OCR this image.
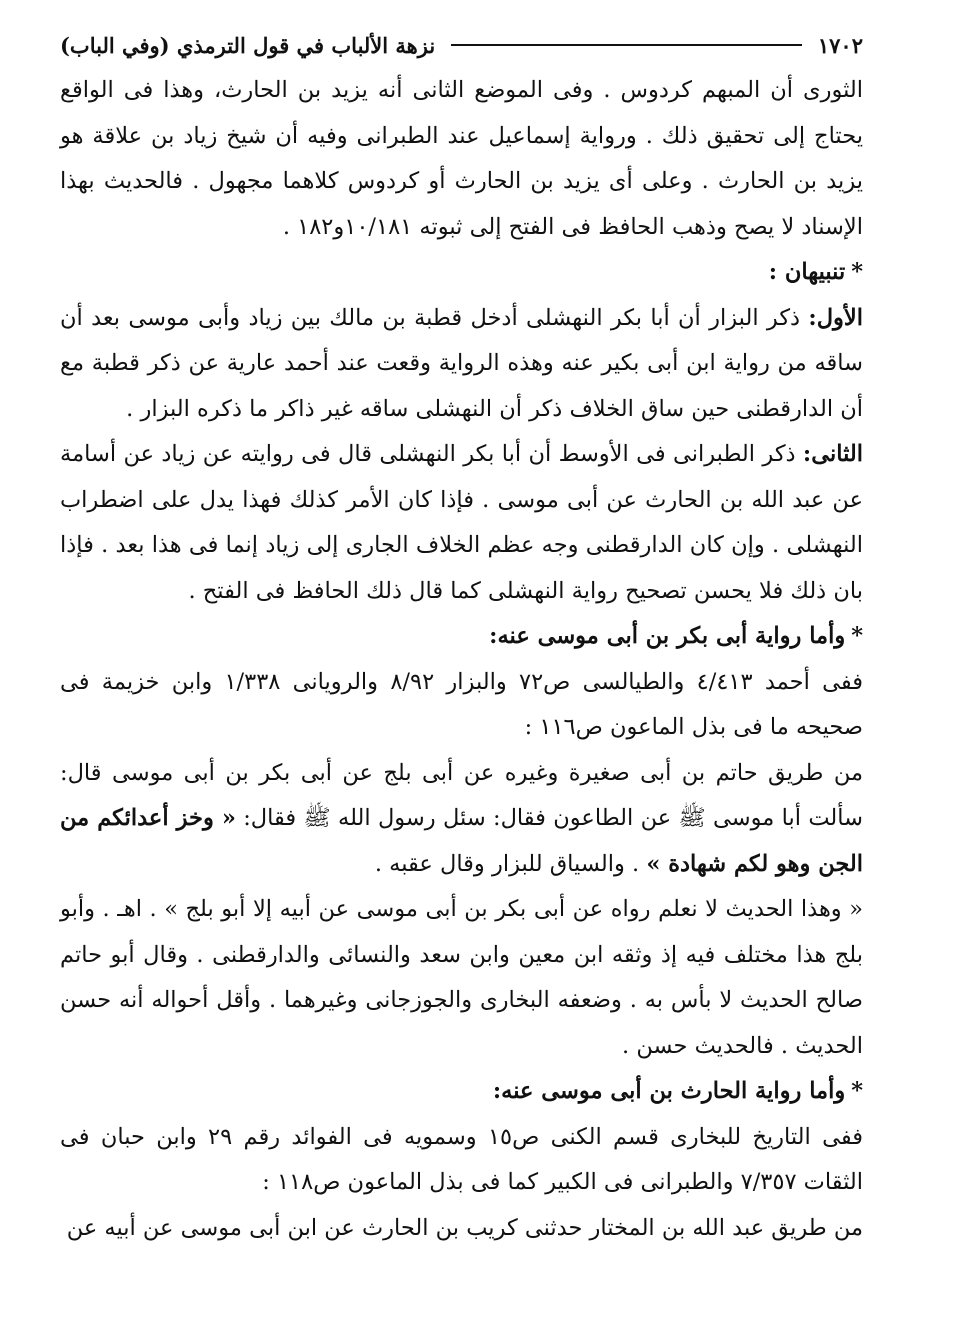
١٧٠٢
نزهة الألباب في قول الترمذي (وفي الباب)

الثورى أن المبهم كردوس . وفى الموضع الثانى أنه يزيد بن الحارث، وهذا فى الواقع يحتاج إلى تحقيق ذلك . ورواية إسماعيل عند الطبرانى وفيه أن شيخ زياد بن علاقة هو يزيد بن الحارث . وعلى أى يزيد بن الحارث أو كردوس كلاهما مجهول . فالحديث بهذا الإسناد لا يصح وذهب الحافظ فى الفتح إلى ثبوته ١٠/١٨١و١٨٢ .

*تنبيهان :

الأول: ذكر البزار أن أبا بكر النهشلى أدخل قطبة بن مالك بين زياد وأبى موسى بعد أن ساقه من رواية ابن أبى بكير عنه وهذه الرواية وقعت عند أحمد عارية عن ذكر قطبة مع أن الدارقطنى حين ساق الخلاف ذكر أن النهشلى ساقه غير ذاكر ما ذكره البزار .

الثانى: ذكر الطبرانى فى الأوسط أن أبا بكر النهشلى قال فى روايته عن زياد عن أسامة عن عبد الله بن الحارث عن أبى موسى . فإذا كان الأمر كذلك فهذا يدل على اضطراب النهشلى . وإن كان الدارقطنى وجه عظم الخلاف الجارى إلى زياد إنما فى هذا بعد . فإذا بان ذلك فلا يحسن تصحيح رواية النهشلى كما قال ذلك الحافظ فى الفتح .

*وأما رواية أبى بكر بن أبى موسى عنه:

ففى أحمد ٤/٤١٣ والطيالسى ص٧٢ والبزار ٨/٩٢ والرويانى ١/٣٣٨ وابن خزيمة فى صحيحه ما فى بذل الماعون ص١١٦ :

من طريق حاتم بن أبى صغيرة وغيره عن أبى بلج عن أبى بكر بن أبى موسى قال: سألت أبا موسى ﷺ عن الطاعون فقال: سئل رسول الله ﷺ فقال: « وخز أعدائكم من الجن وهو لكم شهادة » . والسياق للبزار وقال عقبه .

« وهذا الحديث لا نعلم رواه عن أبى بكر بن أبى موسى عن أبيه إلا أبو بلج » . اهـ . وأبو بلج هذا مختلف فيه إذ وثقه ابن معين وابن سعد والنسائى والدارقطنى . وقال أبو حاتم صالح الحديث لا بأس به . وضعفه البخارى والجوزجانى وغيرهما . وأقل أحواله أنه حسن الحديث . فالحديث حسن .

*وأما رواية الحارث بن أبى موسى عنه:

ففى التاريخ للبخارى قسم الكنى ص١٥ وسمويه فى الفوائد رقم ٢٩ وابن حبان فى الثقات ٧/٣٥٧ والطبرانى فى الكبير كما فى بذل الماعون ص١١٨ :

من طريق عبد الله بن المختار حدثنى كريب بن الحارث عن ابن أبى موسى عن أبيه عن
